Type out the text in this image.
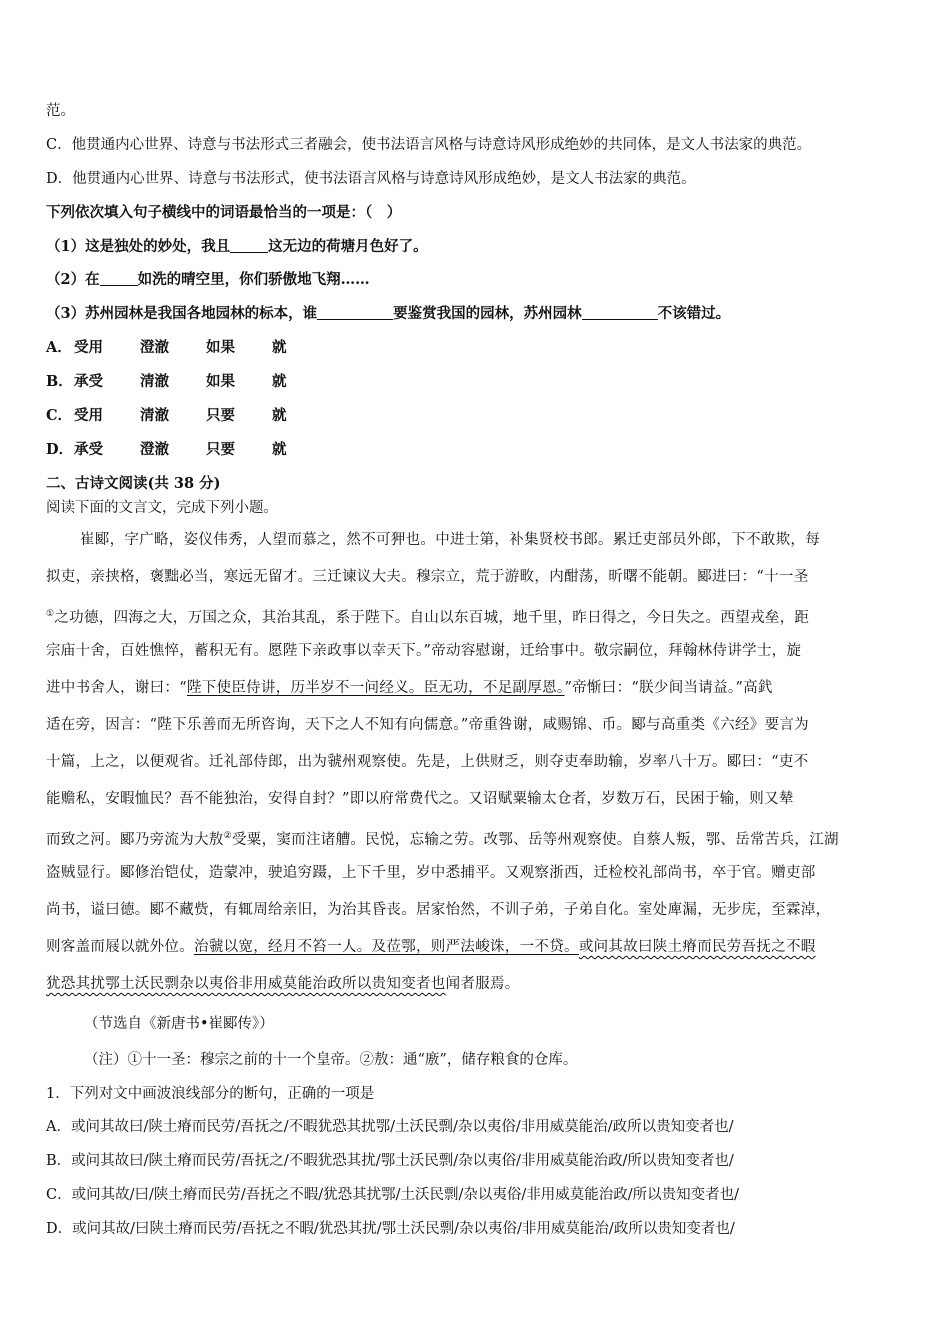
范。
C．他贯通内心世界、诗意与书法形式三者融会，使书法语言风格与诗意诗风形成绝妙的共同体，是文人书法家的典范。
D．他贯通内心世界、诗意与书法形式，使书法语言风格与诗意诗风形成绝妙，是文人书法家的典范。
下列依次填入句子横线中的词语最恰当的一项是：（　）
（1）这是独处的妙处，我且	这无边的荷塘月色好了。
（2）在	如洗的晴空里，你们骄傲地飞翔……
（3）苏州园林是我国各地园林的标本，谁	要鉴赏我国的园林，苏州园林	不该错过。
A． 受用	澄澈	如果	就
B．承受	清澈	如果	就
C． 受用	清澈	只要	就
D．承受	澄澈	只要	就
二、古诗文阅读(共 38 分)
阅读下面的文言文，完成下列小题。
崔郾，字广略，姿仪伟秀，人望而慕之，然不可狎也。中进士第，补集贤校书郎。累迁吏部员外郎，下不敢欺，每
拟吏，亲挟格，褒黜必当，寒远无留才。三迁谏议大夫。穆宗立，荒于游畋，内酣荡，昕曙不能朝。郾进曰：“十一圣
①之功德，四海之大，万国之众，其治其乱，系于陛下。自山以东百城，地千里，昨日得之，今日失之。西望戎垒，距
宗庙十舍，百姓憔悴，蓄积无有。愿陛下亲政事以幸天下。”帝动容慰谢，迁给事中。敬宗嗣位，拜翰林侍讲学士，旋
进中书舍人，谢曰：“陛下使臣侍讲，历半岁不一问经义。臣无功，不足副厚恩。”帝惭曰：“朕少间当请益。”高釴
适在旁，因言：“陛下乐善而无所咨询，天下之人不知有向儒意。”帝重咎谢，咸赐锦、币。郾与高重类《六经》要言为
十篇，上之，以便观省。迁礼部侍郎，出为虢州观察使。先是，上供财乏，则夺吏奉助输，岁率八十万。郾曰：“吏不
能赡私，安暇恤民？吾不能独治，安得自封？”即以府常费代之。又诏赋粟输太仓者，岁数万石，民困于输，则又辇
而致之河。郾乃旁流为大敖②受粟，窦而注诸艚。民悦，忘输之劳。改鄂、岳等州观察使。自蔡人叛，鄂、岳常苦兵，江湖
盗贼显行。郾修治铠仗，造蒙冲，驶追穷蹑，上下千里，岁中悉捕平。又观察浙西，迁检校礼部尚书，卒于官。赠吏部
尚书，谥曰德。郾不藏赀，有辄周给亲旧，为治其昏丧。居家怡然，不训子弟，子弟自化。室处庳漏，无步庑，至霖淖，
则客盖而屐以就外位。治虢以宽，经月不笞一人。及莅鄂，则严法峻诛，一不贷。或问其故曰陕土瘠而民劳吾抚之不暇
犹恐其扰鄂土沃民剽杂以夷俗非用威莫能治政所以贵知变者也闻者服焉。
（节选自《新唐书•崔郾传》）
（注）①十一圣：穆宗之前的十一个皇帝。②敖：通“廒”，储存粮食的仓库。
1．下列对文中画波浪线部分的断句，正确的一项是
A．或问其故曰/陕土瘠而民劳/吾抚之/不暇犹恐其扰鄂/土沃民剽/杂以夷俗/非用威莫能治/政所以贵知变者也/
B．或问其故曰/陕土瘠而民劳/吾抚之/不暇犹恐其扰/鄂土沃民剽/杂以夷俗/非用威莫能治政/所以贵知变者也/
C．或问其故/曰/陕土瘠而民劳/吾抚之不暇/犹恐其扰鄂/土沃民剽/杂以夷俗/非用威莫能治政/所以贵知变者也/
D．或问其故/曰陕土瘠而民劳/吾抚之不暇/犹恐其扰/鄂土沃民剽/杂以夷俗/非用威莫能治/政所以贵知变者也/
